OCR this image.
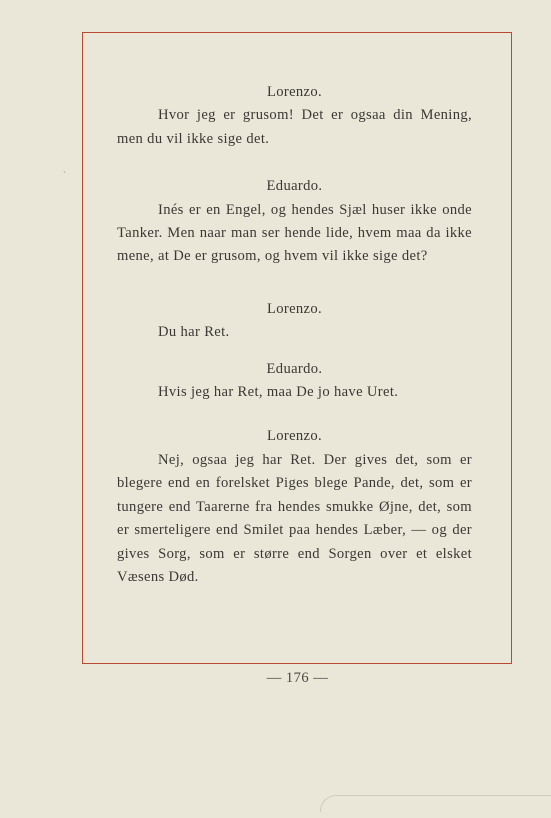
ˋ

Lorenzo.

Hvor jeg er grusom! Det er ogsaa din Mening, men du vil ikke sige det.

Eduardo.

Inés er en Engel, og hendes Sjæl huser ikke onde Tanker. Men naar man ser hende lide, hvem maa da ikke mene, at De er grusom, og hvem vil ikke sige det?

Lorenzo.

Du har Ret.

Eduardo.

Hvis jeg har Ret, maa De jo have Uret.

Lorenzo.

Nej, ogsaa jeg har Ret. Der gives det, som er blegere end en forelsket Piges blege Pande, det, som er tungere end Taarerne fra hendes smukke Øjne, det, som er smerteligere end Smilet paa hendes Læber, — og der gives Sorg, som er større end Sorgen over et elsket Væsens Død.

— 176 —
